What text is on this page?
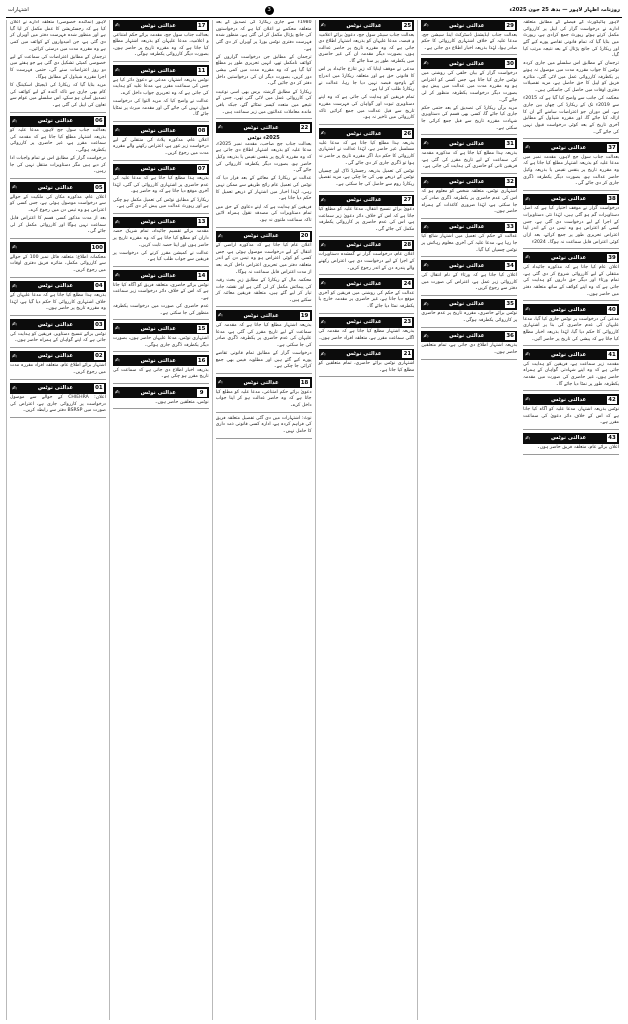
روزنامہ اظہار لاہور — بدھ 25 جون 2025ء
3
اشتہارات

لاہور ہائیکورٹ کے فیصلے کے مطابق متعلقہ ادارے نے درخواست گزار کی اپیل پر کارروائی مکمل کرتے ہوئے رپورٹ جمع کرادی ہے، رپورٹ میں بتایا گیا کہ تمام قانونی تقاضے پورے کیے گئے اور ریکارڈ کی جانچ پڑتال کے بعد نتیجہ مرتب کیا گیا۔

ترجمان کے مطابق اس سلسلے میں جاری کردہ نوٹس کا جواب مقررہ مدت میں موصول نہ ہونے پر یکطرفہ کارروائی عمل میں لائی گئی، متاثرہ فریق کو اپیل کا حق حاصل ہے، مزید تفصیلات دفتری اوقات میں حاصل کی جاسکتی ہیں۔

محکمہ کی جانب سے واضح کیا گیا ہے کہ 2015ء سے 2019ء تک کے ریکارڈ کی چھان بین جاری ہے، اس دوران جو اعتراضات سامنے آئے ان کا ازالہ کیا جائے گا، اور مقررہ شیڈول کے مطابق آخری تاریخ کے بعد کوئی درخواست قبول نہیں کی جائے گی۔

37
عدالتی نوٹس
✍

بعدالت جناب سول جج لاہور، مقدمہ نمبر میں مدعا علیہ کو بذریعہ اشتہار مطلع کیا جاتا ہے کہ وہ مقررہ تاریخ پر بنفس نفیس یا بذریعہ وکیل حاضر عدالت ہو، بصورت دیگر یکطرفہ ڈگری جاری کر دی جائے گی۔

38
عدالتی نوٹس
✍

درخواست گزار نے موقف اختیار کیا ہے کہ اصل دستاویزات گم ہو گئی ہیں، لہٰذا نئی دستاویزات کے اجرا کے لیے درخواست دی گئی ہے، جس کسی کو اعتراض ہو وہ تیس دن کے اندر اپنا اعتراض تحریری طور پر جمع کرائے، بعد ازاں کوئی اعتراض قابل سماعت نہ ہوگا۔ 2024ء

39
عدالتی نوٹس
✍

اعلان عام کیا جاتا ہے کہ مذکورہ جائیداد کی منتقلی کے لیے کارروائی شروع کر دی گئی ہے، تمام ورثاء اور دیگر حق داروں کو ہدایت کی جاتی ہے کہ وہ اپنے کوائف کے ساتھ متعلقہ دفتر میں حاضر ہوں۔

40
عدالتی نوٹس
✍

مدعی کی درخواست پر نوٹس جاری کیا گیا، مدعا علیہان کی عدم حاضری کی بنا پر اشتہاری کارروائی کا حکم دیا گیا، لہٰذا بذریعہ اخبار مطلع کیا جاتا ہے کہ پیشی کی تاریخ پر حاضر آئیں۔

41
عدالتی نوٹس
✍

مقدمہ زیر سماعت ہے، فریقین کو ہدایت کی جاتی ہے کہ وہ اپنے شہادتی گواہان کے ہمراہ حاضر ہوں، غیر حاضری کی صورت میں مقدمہ یکطرفہ طور پر نمٹا دیا جائے گا۔

42
عدالتی نوٹس
✍

نوٹس بذریعہ اشتہار، مدعا علیہ کو آگاہ کیا جاتا ہے کہ اس کے خلاف دائر دعویٰ کی سماعت مقرر ہے۔

43
عدالتی نوٹس
✍

اعلان برائے عام، متعلقہ فریق حاضر ہوں۔

29
عدالتی نوٹس
✍

بعدالت جناب ایڈیشنل ڈسٹرکٹ اینڈ سیشن جج، مدعا علیہ کے خلاف اشتہاری کارروائی کا حکم صادر ہوا، لہٰذا بذریعہ اخبار اطلاع دی جاتی ہے۔

30
عدالتی نوٹس
✍

درخواست گزار کے بیان حلفی کی روشنی میں نوٹس جاری کیا جاتا ہے، جس کسی کو اعتراض ہو وہ مقررہ مدت میں عدالت میں پیش ہو، بصورت دیگر درخواست یکطرفہ منظور کر لی جائے گی۔

مزید برآں ریکارڈ کی تصدیق کے بعد حتمی حکم جاری کیا جائے گا، کسی بھی قسم کی دستاویزی شہادت مقررہ تاریخ سے قبل جمع کرائی جا سکتی ہے۔

31
عدالتی نوٹس
✍

بذریعہ ہذا مطلع کیا جاتا ہے کہ مذکورہ مقدمہ کی سماعت کے لیے تاریخ مقرر کی گئی ہے، فریقین ثانی کو حاضری کی ہدایت کی جاتی ہے۔

32
عدالتی نوٹس
✍

اشتہاری نوٹس، متعلقہ شخص کو معلوم ہو کہ اس کی عدم حاضری پر یکطرفہ ڈگری صادر کی جا سکتی ہے، لہٰذا ضروری کاغذات کے ہمراہ حاضر ہوں۔

33
عدالتی نوٹس
✍

عدالت کے حکم کی تعمیل میں اشتہار شائع کیا جا رہا ہے، مدعا علیہ کی آخری معلوم رہائش پر نوٹس چسپاں کیا گیا۔

34
عدالتی نوٹس
✍

اعلان کیا جاتا ہے کہ ورثاء کے نام انتقال کی کارروائی زیر عمل ہے، اعتراض کی صورت میں دفتر سے رجوع کریں۔

35
عدالتی نوٹس
✍

نوٹس برائے حاضری، مقررہ تاریخ پر عدم حاضری پر کارروائی یکطرفہ ہوگی۔

36
عدالتی نوٹس
✍

بذریعہ اشتہار اطلاع دی جاتی ہے، تمام متعلقین حاضر ہوں۔

25
عدالتی نوٹس
✍

بعدالت جناب سینئر سول جج، دعویٰ برائے اعلامیہ و قبضہ، مدعا علیہان کو بذریعہ اشتہار اطلاع دی جاتی ہے کہ وہ مقررہ تاریخ پر حاضر عدالت ہوں، بصورت دیگر مقدمہ ان کی غیر حاضری میں یکطرفہ طور پر سنا جائے گا۔

مدعی نے موقف اپنایا کہ زیرِ تنازع جائیداد پر اس کا قانونی حق ہے اور متعلقہ ریکارڈ میں اندراج کے باوجود قبضہ نہیں دیا جا رہا، عدالت نے ریکارڈ طلب کر لیا ہے۔

تمام فریقین کو ہدایت کی جاتی ہے کہ وہ اپنے دستاویزی ثبوت اور گواہان کی فہرست مقررہ تاریخ سے قبل عدالت میں جمع کرائیں تاکہ کارروائی میں تاخیر نہ ہو۔

26
عدالتی نوٹس
✍

بذریعہ ہذا مطلع کیا جاتا ہے کہ مدعا علیہ مسلسل غیر حاضر ہے، لہٰذا عدالت نے اشتہاری کارروائی کا حکم دیا، اگر مقررہ تاریخ پر حاضر نہ ہوا تو ڈگری جاری کر دی جائے گی۔

نوٹس کی تعمیل بذریعہ رجسٹرڈ ڈاک اور چسپاں نوٹس کے ذریعے بھی کی جا چکی ہے، مزید تفصیل ریکارڈ روم سے حاصل کی جا سکتی ہے۔

27
عدالتی نوٹس
✍

دعویٰ برائے تنسیخ انتقال، مدعا علیہ کو مطلع کیا جاتا ہے کہ اس کے خلاف دائر دعویٰ زیر سماعت ہے، اس کی عدم حاضری پر کارروائی یکطرفہ مکمل کی جائے گی۔

28
عدالتی نوٹس
✍

اعلان عام، درخواست گزار نے گمشدہ دستاویزات کے اجرا کے لیے درخواست دی ہے، اعتراض رکھنے والے پندرہ دن کے اندر رجوع کریں۔

24
عدالتی نوٹس
✍

عدالت کے حکم کی روشنی میں فریقین کو آخری موقع دیا جاتا ہے، غیر حاضری پر مقدمہ خارج یا یکطرفہ نمٹا دیا جائے گا۔

23
عدالتی نوٹس
✍

بذریعہ اشتہار مطلع کیا جاتا ہے کہ مقدمہ کی اگلی سماعت مقرر ہے، متعلقہ افراد حاضر ہوں۔

21
عدالتی نوٹس
✍

اشتہاری نوٹس برائے حاضری، تمام متعلقین کو مطلع کیا جاتا ہے۔

1980ء سے جاری ریکارڈ کی تصدیق کے بعد متعلقہ محکمے نے اعلان کیا ہے کہ درخواستوں کی جانچ پڑتال مکمل کر لی گئی ہے، منظور شدہ فہرست دفتری نوٹس بورڈ پر آویزاں کر دی گئی ہے۔

ترجمان کے مطابق جن درخواست گزاروں کے کوائف نامکمل تھے، انہیں تحریری طور پر مطلع کیا گیا ہے کہ وہ مقررہ مدت میں کمی بیشی دور کریں، بصورت دیگر ان کی درخواستیں داخل دفتر کر دی جائیں گی۔

ریکارڈ کے مطابق گزشتہ برس بھی اسی نوعیت کی کارروائی عمل میں لائی گئی تھی، جس کے نتیجے میں متعدد کیسز نمٹائے گئے، جبکہ باقی ماندہ معاملات عدالتوں میں زیر سماعت ہیں۔

22
عدالتی نوٹس
✍
2025ء نوٹس

بعدالت جناب جج صاحب، مقدمہ نمبر 2025ء، مدعا علیہ کو بذریعہ اشتہار اطلاع دی جاتی ہے کہ وہ مقررہ تاریخ پر بنفس نفیس یا بذریعہ وکیل حاضر ہو، بصورت دیگر یکطرفہ کارروائی کی جائے گی۔

عدالت نے ریکارڈ کے معائنے کے بعد قرار دیا کہ نوٹس کی تعمیل عام رائج طریقے سے ممکن نہیں رہی، لہٰذا اخبار میں اشتہار کے ذریعے تعمیل کا حکم دیا جاتا ہے۔

فریقین کو ہدایت ہے کہ اپنے دعاوی کے حق میں تمام دستاویزات کی مصدقہ نقول ہمراہ لائیں تاکہ سماعت ملتوی نہ ہو۔

20
عدالتی نوٹس
✍

اعلان عام کیا جاتا ہے کہ مذکورہ اراضی کے انتقال کے لیے درخواست موصول ہوئی ہے، جس کسی کو کوئی اعتراض ہو وہ تیس دن کے اندر متعلقہ دفتر میں تحریری اعتراض داخل کرے، بعد از مدت اعتراض قابل سماعت نہ ہوگا۔

محکمہ مال کے ریکارڈ کے مطابق زیرِ بحث رقبہ کی پیمائش مکمل کر لی گئی ہے اور نقشہ جات تیار کر لیے گئے ہیں، متعلقہ فریقین معائنہ کر سکتے ہیں۔

19
عدالتی نوٹس
✍

بذریعہ اشتہار مطلع کیا جاتا ہے کہ مقدمہ کی سماعت کے لیے تاریخ مقرر کی گئی ہے، مدعا علیہان کی عدم حاضری پر یکطرفہ ڈگری صادر کی جا سکتی ہے۔

درخواست گزار کے مطابق تمام قانونی تقاضے پورے کیے گئے ہیں اور مطلوبہ فیس بھی جمع کرائی جا چکی ہے۔

18
عدالتی نوٹس
✍

دعویٰ برائے حکم امتناعی، مدعا علیہ کو مطلع کیا جاتا ہے کہ وہ حاضر عدالت ہو کر اپنا جواب داخل کرے۔

نوٹ: اشتہارات میں دی گئی تفصیل متعلقہ فریق کی فراہم کردہ ہے، ادارہ کسی قانونی ذمہ داری کا حامل نہیں۔

17
عدالتی نوٹس
✍

بعدالت جناب سول جج، مقدمہ برائے حکم امتناعی و اعلامیہ، مدعا علیہان کو بذریعہ اشتہار مطلع کیا جاتا ہے کہ وہ مقررہ تاریخ پر حاضر ہوں، بصورت دیگر کارروائی یکطرفہ ہوگی۔

11
عدالتی نوٹس
✍

نوٹس بذریعہ اشتہار، مدعی نے دعویٰ دائر کیا ہے جس کی سماعت مقرر ہے، مدعا علیہ کو ہدایت کی جاتی ہے کہ وہ تحریری جواب داخل کرے۔

عدالت نے واضح کیا کہ مزید التوا کی درخواست قبول نہیں کی جائے گی اور مقدمہ میرٹ پر نمٹایا جائے گا۔

08
عدالتی نوٹس
✍

اعلان عام، مذکورہ پلاٹ کی منتقلی کے لیے درخواست زیر غور ہے، اعتراض رکھنے والے مقررہ مدت میں رجوع کریں۔

07
عدالتی نوٹس
✍

بذریعہ ہذا مطلع کیا جاتا ہے کہ مدعا علیہ کی عدم حاضری پر اشتہاری کارروائی کی گئی، لہٰذا آخری موقع دیا جاتا ہے کہ وہ حاضر ہو۔

ریکارڈ کے مطابق نوٹس کی تعمیل مکمل ہو چکی ہے اور رپورٹ عدالت میں پیش کر دی گئی ہے۔

13
عدالتی نوٹس
✍

مقدمہ برائے تقسیم جائیداد، تمام شریک حصہ داران کو مطلع کیا جاتا ہے کہ وہ مقررہ تاریخ پر حاضر ہوں اور اپنا حصہ ثابت کریں۔

عدالت نے کمیشن مقرر کرنے کی درخواست پر فریقین سے جواب طلب کیا ہے۔

14
عدالتی نوٹس
✍

نوٹس برائے حاضری، متعلقہ فریق کو آگاہ کیا جاتا ہے کہ اس کے خلاف دائر درخواست زیر سماعت ہے۔

عدم حاضری کی صورت میں درخواست یکطرفہ منظور کی جا سکتی ہے۔

15
عدالتی نوٹس
✍

اشتہاری نوٹس، مدعا علیہان حاضر ہوں، بصورت دیگر یکطرفہ ڈگری جاری ہوگی۔

16
عدالتی نوٹس
✍

بذریعہ اخبار اطلاع دی جاتی ہے کہ سماعت کی تاریخ مقرر ہو چکی ہے۔

9
عدالتی نوٹس
✍

نوٹس، متعلقین حاضر ہوں۔

لاہور (نمائندہ خصوصی) متعلقہ ادارے نے اعلان کیا ہے کہ رجسٹریشن کا عمل مکمل کر لیا گیا ہے اور منظور شدہ فہرست دفتر میں آویزاں کر دی گئی ہے، جن امیدواروں کے کوائف میں کمی ہے وہ مقررہ مدت میں درستی کرائیں۔

ترجمان کے مطابق اعتراضات کی سماعت کے لیے خصوصی کمیٹی تشکیل دی گئی ہے جو ہفتے میں دو روز اعتراضات سنے گی، حتمی فہرست کا اجرا مقررہ شیڈول کے مطابق ہوگا۔

مزید بتایا گیا کہ ریکارڈ کی ڈیجیٹل اسکیننگ کا کام بھی جاری ہے تاکہ آئندہ کے لیے کوائف کی تصدیق آسان ہو سکے، اس سلسلے میں عوام سے تعاون کی اپیل کی گئی ہے۔

06
عدالتی نوٹس
✍

بعدالت جناب سول جج لاہور، مدعا علیہ کو بذریعہ اشتہار مطلع کیا جاتا ہے کہ مقدمہ کی سماعت مقرر ہے، غیر حاضری پر کارروائی یکطرفہ ہوگی۔

درخواست گزار کے مطابق اس نے تمام واجبات ادا کر دیے ہیں مگر دستاویزات منتقل نہیں کی جا رہیں۔

05
عدالتی نوٹس
✍

اعلان عام، مذکورہ مکان کی ملکیت کے حوالے سے درخواست موصول ہوئی ہے، جس کسی کو اعتراض ہو وہ تیس دن میں رجوع کرے۔

بعد از مدت مذکور کسی قسم کا اعتراض قابل سماعت نہیں ہوگا اور کارروائی مکمل کر لی جائے گی۔

100
✍

محکمانہ اطلاع: متعلقہ فائل نمبر 100 کے حوالے سے کارروائی مکمل، متاثرہ فریق دفتری اوقات میں رجوع کریں۔

04
عدالتی نوٹس
✍

بذریعہ ہذا مطلع کیا جاتا ہے کہ مدعا علیہان کے خلاف اشتہاری کارروائی کا حکم دیا گیا ہے، لہٰذا وہ مقررہ تاریخ پر حاضر ہوں۔

03
عدالتی نوٹس
✍

نوٹس برائے تنسیخ دستاویز، فریقین کو ہدایت کی جاتی ہے کہ اپنے گواہان کے ہمراہ حاضر ہوں۔

02
عدالتی نوٹس
✍

اشتہار برائے اطلاع عام، متعلقہ افراد مقررہ مدت میں رجوع کریں۔

01
عدالتی نوٹس
✍

اعلان: CHIEHRA کے حوالے سے موصول درخواست پر کارروائی جاری ہے، اعتراض کی صورت میں BSRSP دفتر سے رابطہ کریں۔
